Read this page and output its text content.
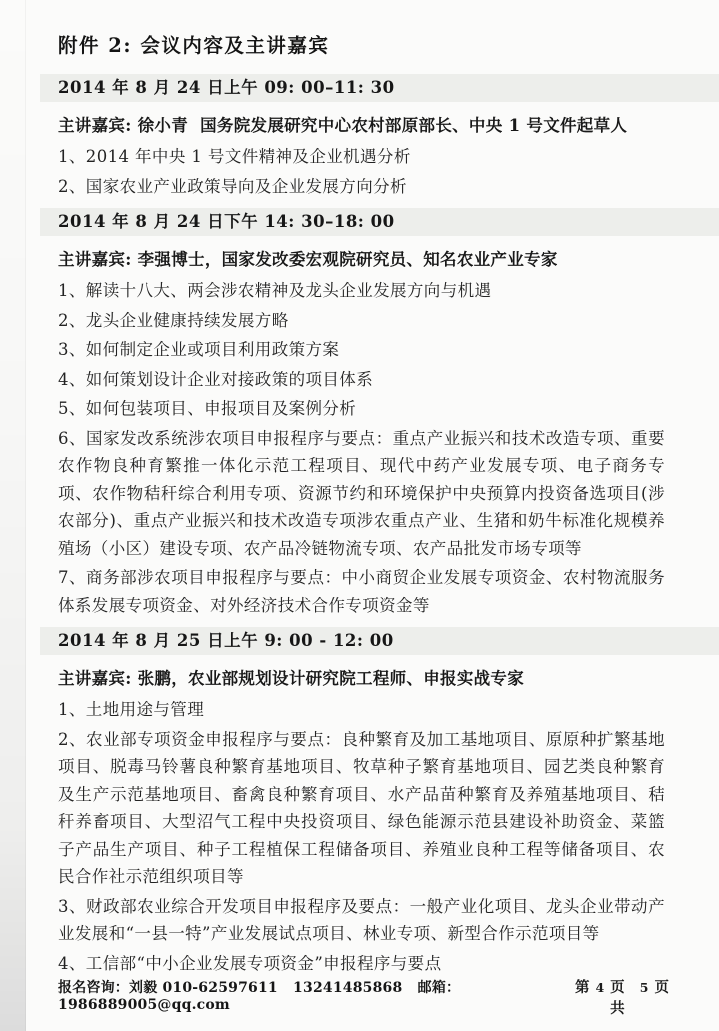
附件 2: 会议内容及主讲嘉宾
2014 年 8 月 24 日上午 09: 00–11: 30

主讲嘉宾: 徐小青  国务院发展研究中心农村部原部长、中央 1 号文件起草人

1、2014 年中央 1 号文件精神及企业机遇分析

2、国家农业产业政策导向及企业发展方向分析

2014 年 8 月 24 日下午 14: 30–18: 00

主讲嘉宾: 李强博士，国家发改委宏观院研究员、知名农业产业专家

1、解读十八大、两会涉农精神及龙头企业发展方向与机遇

2、龙头企业健康持续发展方略

3、如何制定企业或项目利用政策方案

4、如何策划设计企业对接政策的项目体系

5、如何包装项目、申报项目及案例分析

6、国家发改系统涉农项目申报程序与要点：重点产业振兴和技术改造专项、重要农作物良种育繁推一体化示范工程项目、现代中药产业发展专项、电子商务专项、农作物秸秆综合利用专项、资源节约和环境保护中央预算内投资备选项目(涉农部分)、重点产业振兴和技术改造专项涉农重点产业、生猪和奶牛标准化规模养殖场（小区）建设专项、农产品冷链物流专项、农产品批发市场专项等

7、商务部涉农项目申报程序与要点：中小商贸企业发展专项资金、农村物流服务体系发展专项资金、对外经济技术合作专项资金等

2014 年 8 月 25 日上午 9: 00 - 12: 00

主讲嘉宾: 张鹏，农业部规划设计研究院工程师、申报实战专家

1、土地用途与管理

2、农业部专项资金申报程序与要点：良种繁育及加工基地项目、原原种扩繁基地项目、脱毒马铃薯良种繁育基地项目、牧草种子繁育基地项目、园艺类良种繁育及生产示范基地项目、畜禽良种繁育项目、水产品苗种繁育及养殖基地项目、秸秆养畜项目、大型沼气工程中央投资项目、绿色能源示范县建设补助资金、菜篮子产品生产项目、种子工程植保工程储备项目、养殖业良种工程等储备项目、农民合作社示范组织项目等

3、财政部农业综合开发项目申报程序及要点：一般产业化项目、龙头企业带动产业发展和“一县一特”产业发展试点项目、林业专项、新型合作示范项目等

4、工信部“中小企业发展专项资金”申报程序与要点

报名咨询：刘毅 010-62597611   13241485868   邮箱：1986889005@qq.com
第 4 页 共
5 页
